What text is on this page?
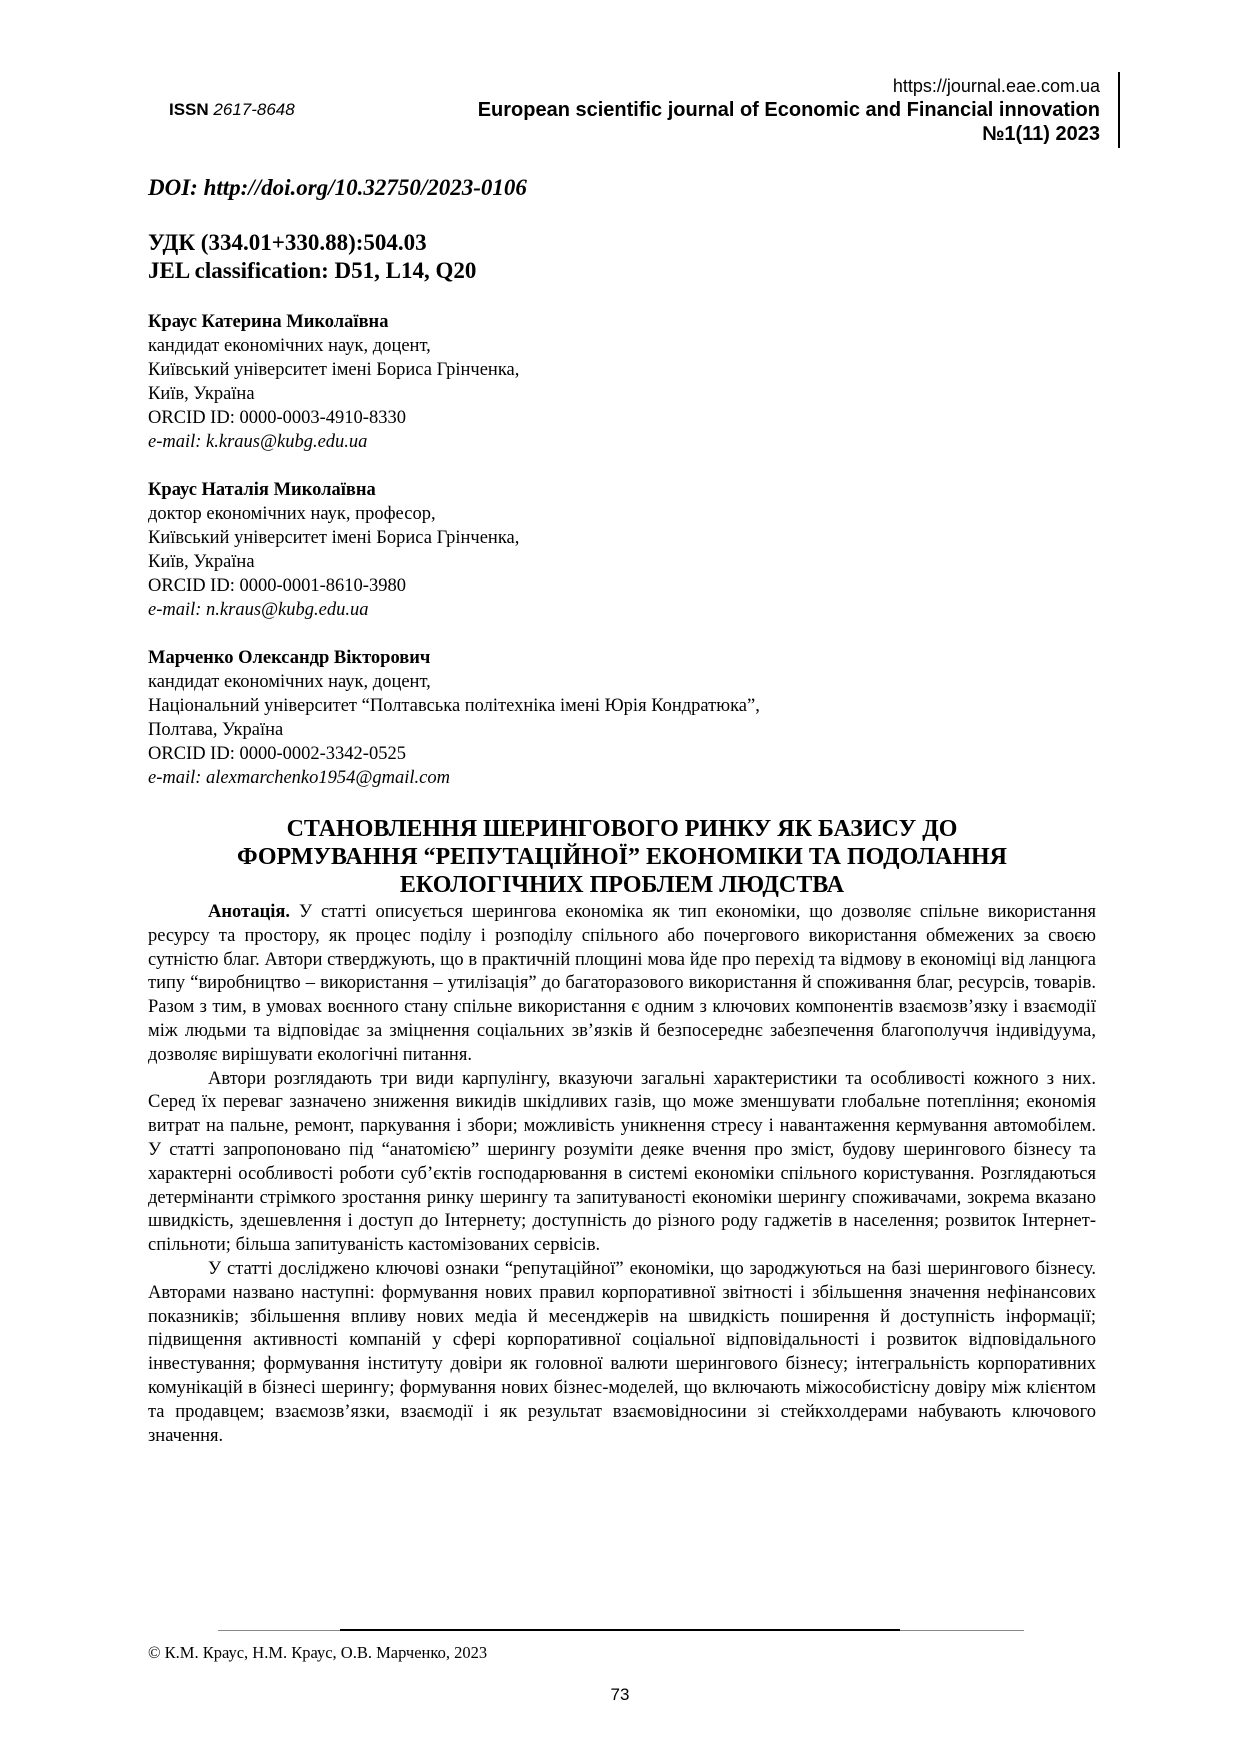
ISSN 2617-8648
https://journal.eae.com.ua
European scientific journal of Economic and Financial innovation
№1(11) 2023
DOI: http://doi.org/10.32750/2023-0106
УДК (334.01+330.88):504.03
JEL classification: D51, L14, Q20
Краус Катерина Миколаївна
кандидат економічних наук, доцент,
Київський університет імені Бориса Грінченка,
Київ, Україна
ORCID ID: 0000-0003-4910-8330
e-mail: k.kraus@kubg.edu.ua
Краус Наталія Миколаївна
доктор економічних наук, професор,
Київський університет імені Бориса Грінченка,
Київ, Україна
ORCID ID: 0000-0001-8610-3980
e-mail: n.kraus@kubg.edu.ua
Марченко Олександр Вікторович
кандидат економічних наук, доцент,
Національний університет “Полтавська політехніка імені Юрія Кондратюка”,
Полтава, Україна
ORCID ID: 0000-0002-3342-0525
e-mail: alexmarchenko1954@gmail.com
СТАНОВЛЕННЯ ШЕРИНГОВОГО РИНКУ ЯК БАЗИСУ ДО
ФОРМУВАННЯ “РЕПУТАЦІЙНОЇ” ЕКОНОМІКИ ТА ПОДОЛАННЯ
ЕКОЛОГІЧНИХ ПРОБЛЕМ ЛЮДСТВА

Анотація. У статті описується шерингова економіка як тип економіки, що дозволяє спільне використання ресурсу та простору, як процес поділу і розподілу спільного або почергового використання обмежених за своєю сутністю благ. Автори стверджують, що в практичній площині мова йде про перехід та відмову в економіці від ланцюга типу “виробництво – використання – утилізація” до багаторазового використання й споживання благ, ресурсів, товарів. Разом з тим, в умовах воєнного стану спільне використання є одним з ключових компонентів взаємозв’язку і взаємодії між людьми та відповідає за зміцнення соціальних зв’язків й безпосереднє забезпечення благополуччя індивідуума, дозволяє вирішувати екологічні питання.

Автори розглядають три види карпулінгу, вказуючи загальні характеристики та особливості кожного з них. Серед їх переваг зазначено зниження викидів шкідливих газів, що може зменшувати глобальне потепління; економія витрат на пальне, ремонт, паркування і збори; можливість уникнення стресу і навантаження кермування автомобілем. У статті запропоновано під “анатомією” шерингу розуміти деяке вчення про зміст, будову шерингового бізнесу та характерні особливості роботи суб’єктів господарювання в системі економіки спільного користування. Розглядаються детермінанти стрімкого зростання ринку шерингу та запитуваності економіки шерингу споживачами, зокрема вказано швидкість, здешевлення і доступ до Інтернету; доступність до різного роду гаджетів в населення; розвиток Інтернет-спільноти; більша запитуваність кастомізованих сервісів.

У статті досліджено ключові ознаки “репутаційної” економіки, що зароджуються на базі шерингового бізнесу. Авторами названо наступні: формування нових правил корпоративної звітності і збільшення значення нефінансових показників; збільшення впливу нових медіа й месенджерів на швидкість поширення й доступність інформації; підвищення активності компаній у сфері корпоративної соціальної відповідальності і розвиток відповідального інвестування; формування інституту довіри як головної валюти шерингового бізнесу; інтегральність корпоративних комунікацій в бізнесі шерингу; формування нових бізнес-моделей, що включають міжособистісну довіру між клієнтом та продавцем; взаємозв’язки, взаємодії і як результат взаємовідносини зі стейкхолдерами набувають ключового значення.

© К.М. Краус, Н.М. Краус, О.В. Марченко, 2023
73
